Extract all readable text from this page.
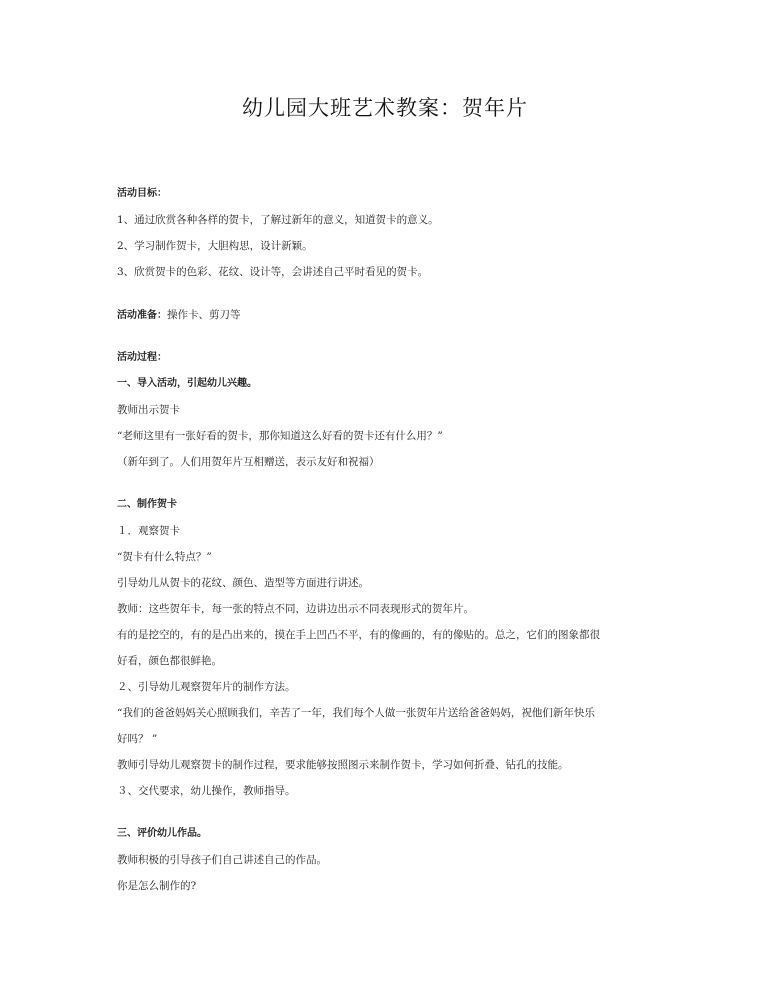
幼儿园大班艺术教案：贺年片
活动目标：
1、通过欣赏各种各样的贺卡，了解过新年的意义，知道贺卡的意义。
2、学习制作贺卡，大胆构思，设计新颖。
3、欣赏贺卡的色彩、花纹、设计等，会讲述自己平时看见的贺卡。
活动准备：操作卡、剪刀等
活动过程：
一、导入活动，引起幼儿兴趣。
教师出示贺卡
“老师这里有一张好看的贺卡，那你知道这么好看的贺卡还有什么用？”
（新年到了。人们用贺年片互相赠送，表示友好和祝福）
二、制作贺卡
１．观察贺卡
“贺卡有什么特点？”
引导幼儿从贺卡的花纹、颜色、造型等方面进行讲述。
教师：这些贺年卡，每一张的特点不同，边讲边出示不同表现形式的贺年片。
有的是挖空的，有的是凸出来的，摸在手上凹凸不平，有的像画的，有的像贴的。总之，它们的图象都很
好看，颜色都很鲜艳。
２、引导幼儿观察贺年片的制作方法。
“我们的爸爸妈妈关心照顾我们，辛苦了一年，我们每个人做一张贺年片送给爸爸妈妈，祝他们新年快乐
好吗？ ”
教师引导幼儿观察贺卡的制作过程，要求能够按照图示来制作贺卡，学习如何折叠、钻孔的技能。
３、交代要求，幼儿操作，教师指导。
三、评价幼儿作品。
教师积极的引导孩子们自己讲述自己的作品。
你是怎么制作的?
